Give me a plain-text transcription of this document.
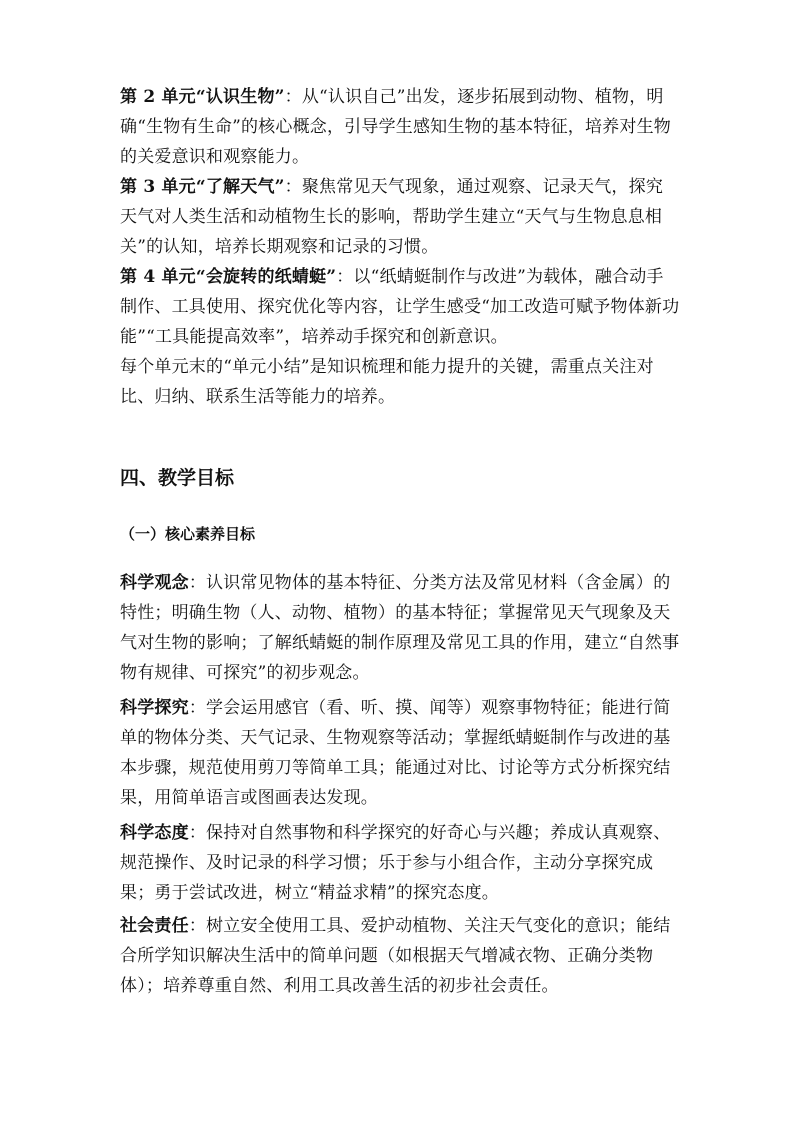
第 2 单元“认识生物”：从“认识自己”出发，逐步拓展到动物、植物，明确“生物有生命”的核心概念，引导学生感知生物的基本特征，培养对生物的关爱意识和观察能力。

第 3 单元“了解天气”：聚焦常见天气现象，通过观察、记录天气，探究天气对人类生活和动植物生长的影响，帮助学生建立“天气与生物息息相关”的认知，培养长期观察和记录的习惯。

第 4 单元“会旋转的纸蜻蜓”：以“纸蜻蜓制作与改进”为载体，融合动手制作、工具使用、探究优化等内容，让学生感受“加工改造可赋予物体新功能”“工具能提高效率”，培养动手探究和创新意识。

每个单元末的“单元小结”是知识梳理和能力提升的关键，需重点关注对比、归纳、联系生活等能力的培养。

四、教学目标
（一）核心素养目标

科学观念：认识常见物体的基本特征、分类方法及常见材料（含金属）的特性；明确生物（人、动物、植物）的基本特征；掌握常见天气现象及天气对生物的影响；了解纸蜻蜓的制作原理及常见工具的作用，建立“自然事物有规律、可探究”的初步观念。

科学探究：学会运用感官（看、听、摸、闻等）观察事物特征；能进行简单的物体分类、天气记录、生物观察等活动；掌握纸蜻蜓制作与改进的基本步骤，规范使用剪刀等简单工具；能通过对比、讨论等方式分析探究结果，用简单语言或图画表达发现。

科学态度：保持对自然事物和科学探究的好奇心与兴趣；养成认真观察、规范操作、及时记录的科学习惯；乐于参与小组合作，主动分享探究成果；勇于尝试改进，树立“精益求精”的探究态度。

社会责任：树立安全使用工具、爱护动植物、关注天气变化的意识；能结合所学知识解决生活中的简单问题（如根据天气增减衣物、正确分类物体）；培养尊重自然、利用工具改善生活的初步社会责任。
